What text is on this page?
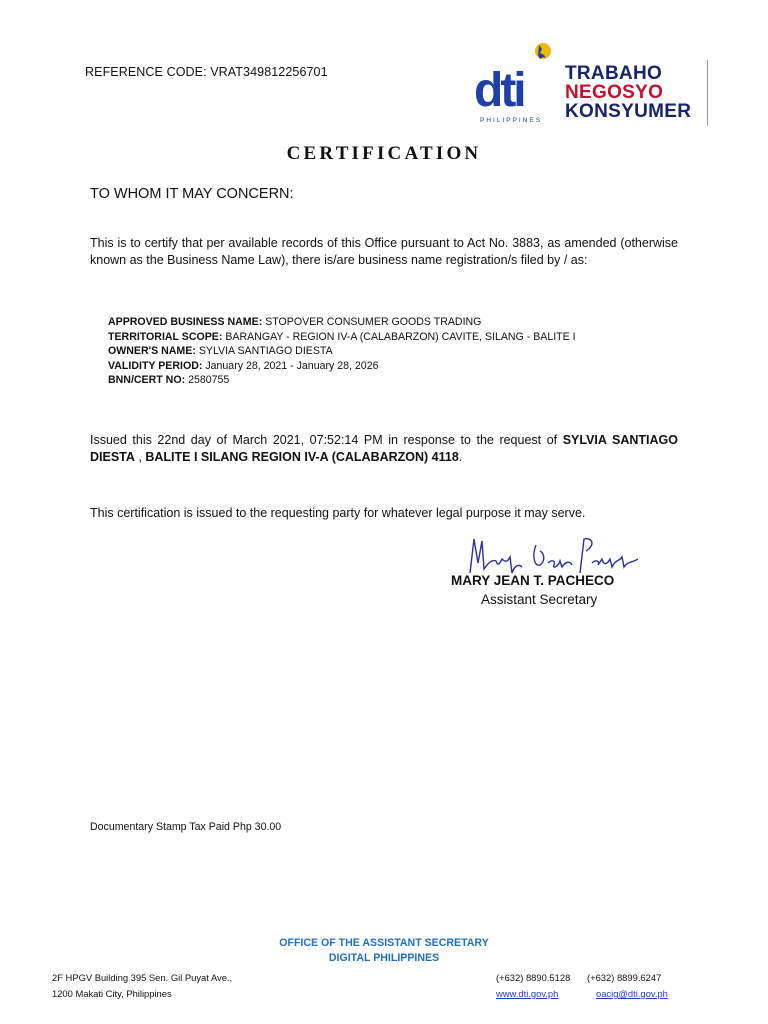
REFERENCE CODE: VRAT349812256701	dti
PHILIPPINES
TRABAHO
NEGOSYO
KONSYUMER
CERTIFICATION
TO WHOM IT MAY CONCERN:
This is to certify that per available records of this Office pursuant to Act No. 3883, as amended (otherwise known as the Business Name Law), there is/are business name registration/s filed by / as:
APPROVED BUSINESS NAME: STOPOVER CONSUMER GOODS TRADING
TERRITORIAL SCOPE: BARANGAY - REGION IV-A (CALABARZON) CAVITE, SILANG - BALITE I
OWNER'S NAME: SYLVIA SANTIAGO DIESTA
VALIDITY PERIOD: January 28, 2021 - January 28, 2026
BNN/CERT NO: 2580755
Issued this 22nd day of March 2021, 07:52:14 PM in response to the request of SYLVIA SANTIAGO DIESTA , BALITE I SILANG REGION IV-A (CALABARZON) 4118.
This certification is issued to the requesting party for whatever legal purpose it may serve.
MARY JEAN T. PACHECO
Assistant Secretary
Documentary Stamp Tax Paid Php 30.00
OFFICE OF THE ASSISTANT SECRETARY
DIGITAL PHILIPPINES
2F HPGV Building 395 Sen. Gil Puyat Ave.,
1200 Makati City, Philippines
(+632) 8890.5128 (+632) 8899.6247
www.dti.gov.ph	oacig@dti.gov.ph
